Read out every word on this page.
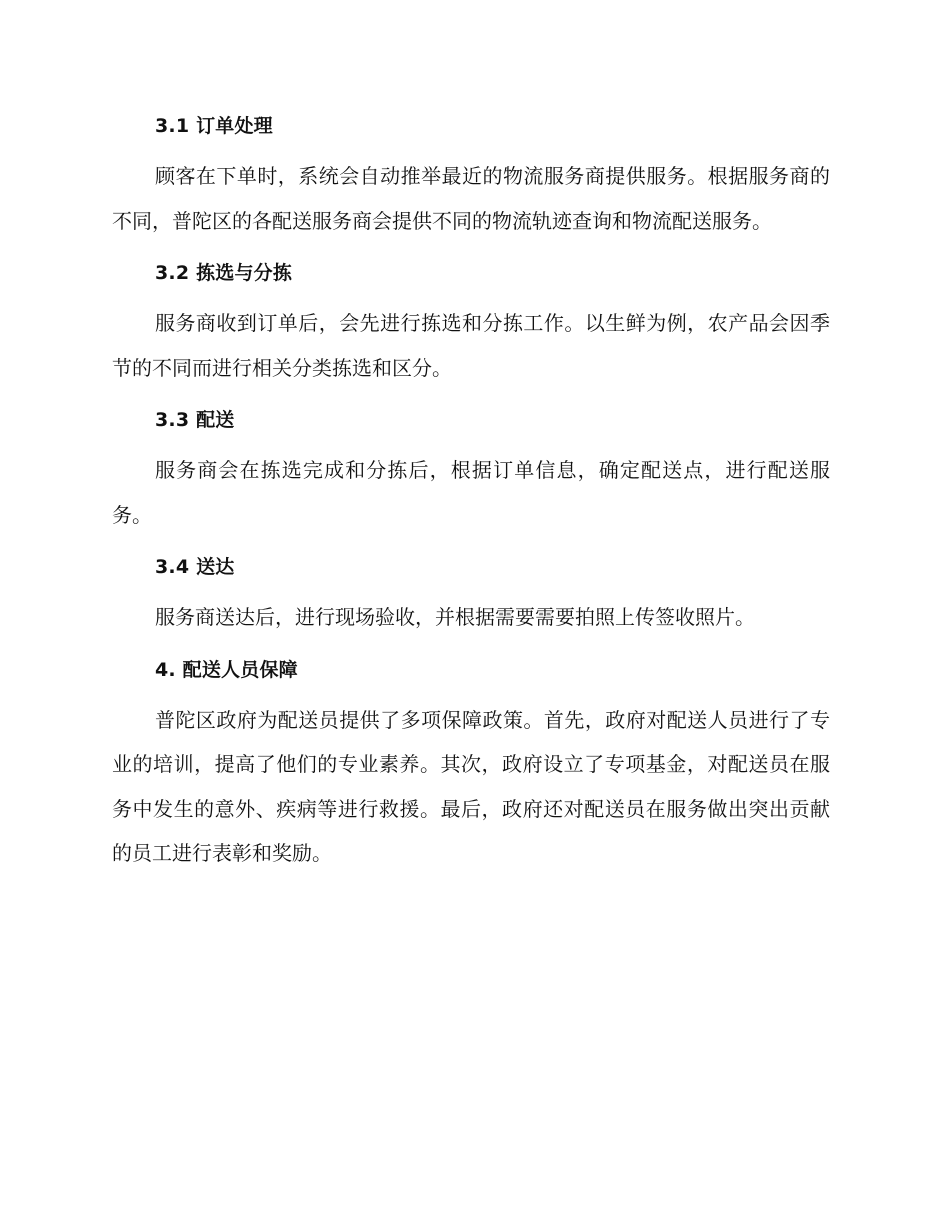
3.1 订单处理

顾客在下单时，系统会自动推举最近的物流服务商提供服务。根据服务商的不同，普陀区的各配送服务商会提供不同的物流轨迹查询和物流配送服务。

3.2 拣选与分拣

服务商收到订单后，会先进行拣选和分拣工作。以生鲜为例，农产品会因季节的不同而进行相关分类拣选和区分。

3.3 配送

服务商会在拣选完成和分拣后，根据订单信息，确定配送点，进行配送服务。

3.4 送达

服务商送达后，进行现场验收，并根据需要需要拍照上传签收照片。

4. 配送人员保障

普陀区政府为配送员提供了多项保障政策。首先，政府对配送人员进行了专业的培训，提高了他们的专业素养。其次，政府设立了专项基金，对配送员在服务中发生的意外、疾病等进行救援。最后，政府还对配送员在服务做出突出贡献的员工进行表彰和奖励。
